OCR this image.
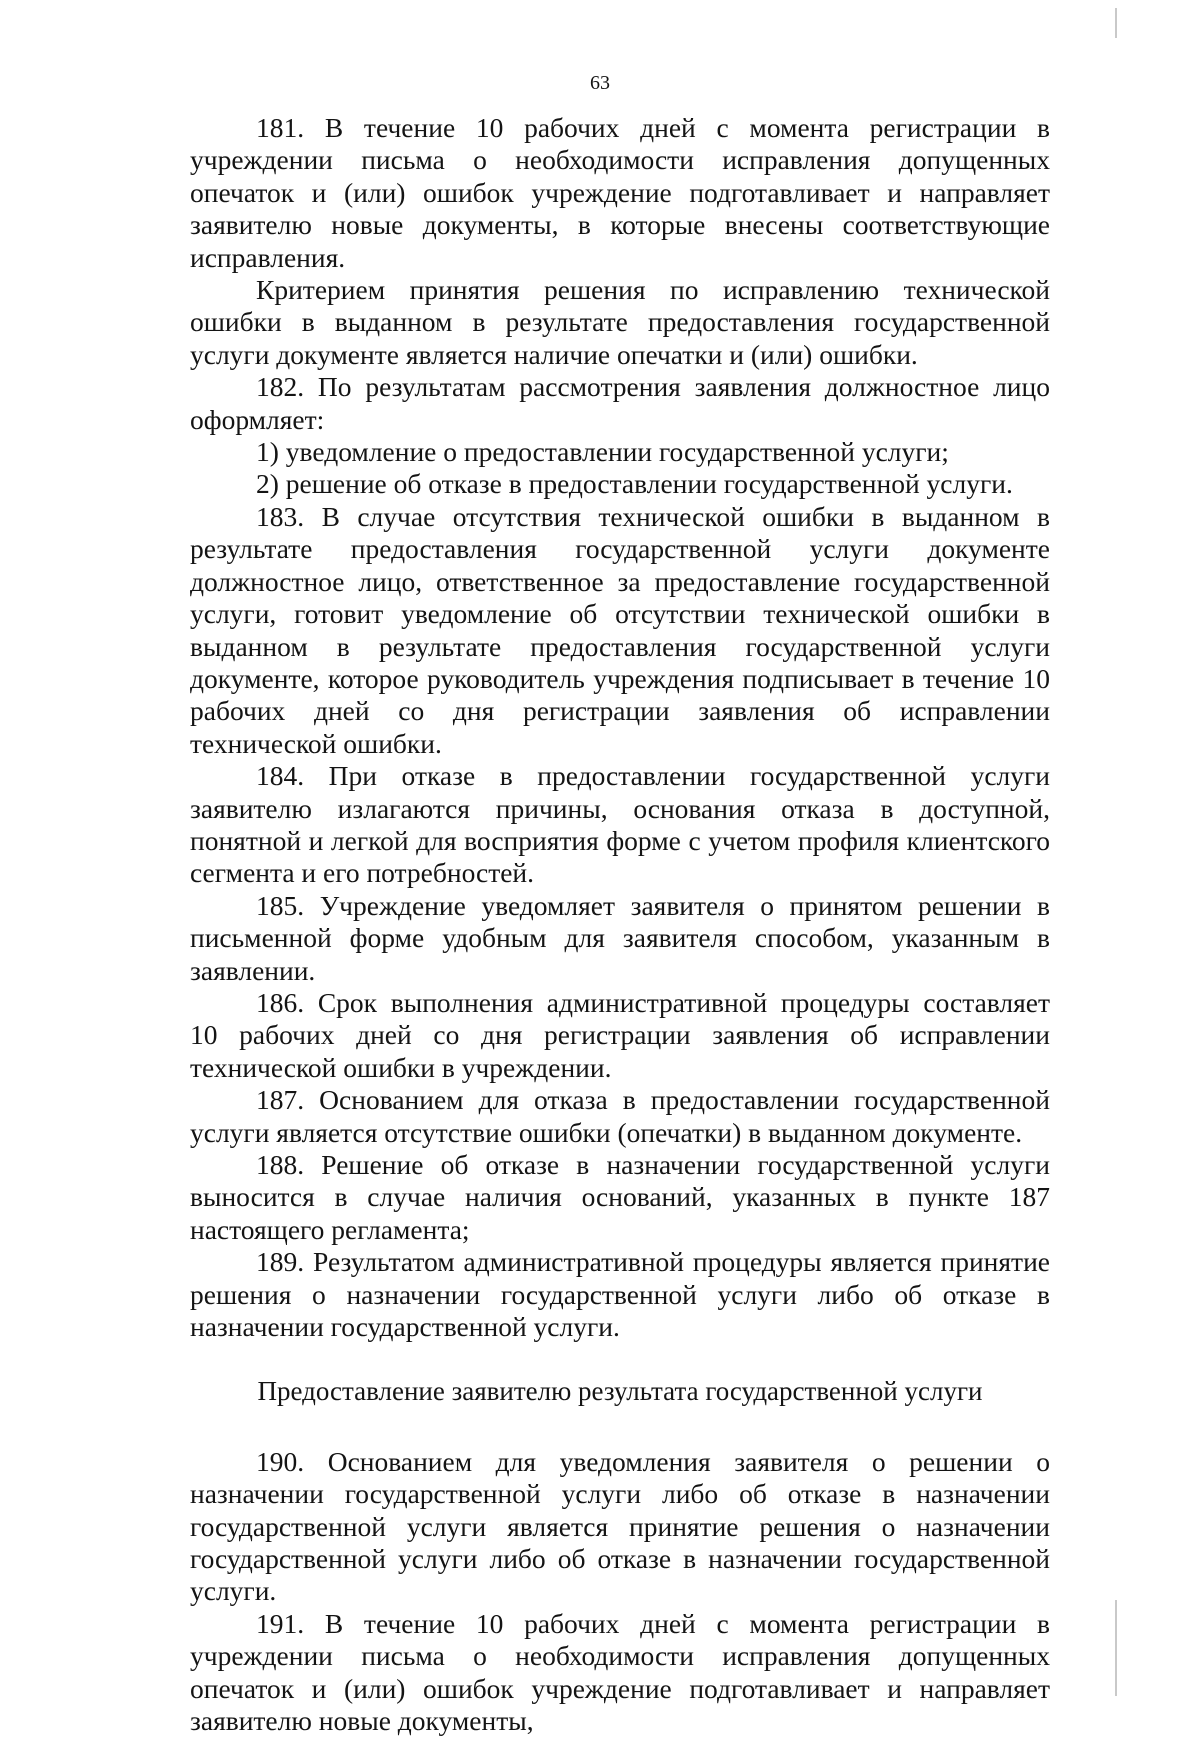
63

181. В течение 10 рабочих дней с момента регистрации в учреждении письма о необходимости исправления допущенных опечаток и (или) ошибок учреждение подготавливает и направляет заявителю новые документы, в которые внесены соответствующие исправления.

Критерием принятия решения по исправлению технической ошибки в выданном в результате предоставления государственной услуги документе является наличие опечатки и (или) ошибки.

182. По результатам рассмотрения заявления должностное лицо оформляет:

1) уведомление о предоставлении государственной услуги;

2) решение об отказе в предоставлении государственной услуги.

183. В случае отсутствия технической ошибки в выданном в результате предоставления государственной услуги документе должностное лицо, ответственное за предоставление государственной услуги, готовит уведомление об отсутствии технической ошибки в выданном в результате предоставления государственной услуги документе, которое руководитель учреждения подписывает в течение 10 рабочих дней со дня регистрации заявления об исправлении технической ошибки.

184. При отказе в предоставлении государственной услуги заявителю излагаются причины, основания отказа в доступной, понятной и легкой для восприятия форме с учетом профиля клиентского сегмента и его потребностей.

185. Учреждение уведомляет заявителя о принятом решении в письменной форме удобным для заявителя способом, указанным в заявлении.

186. Срок выполнения административной процедуры составляет 10 рабочих дней со дня регистрации заявления об исправлении технической ошибки в учреждении.

187. Основанием для отказа в предоставлении государственной услуги является отсутствие ошибки (опечатки) в выданном документе.

188. Решение об отказе в назначении государственной услуги выносится в случае наличия оснований, указанных в пункте 187 настоящего регламента;

189. Результатом административной процедуры является принятие решения о назначении государственной услуги либо об отказе в назначении государственной услуги.

Предоставление заявителю результата государственной услуги

190. Основанием для уведомления заявителя о решении о назначении государственной услуги либо об отказе в назначении государственной услуги является принятие решения о назначении государственной услуги либо об отказе в назначении государственной услуги.

191. В течение 10 рабочих дней с момента регистрации в учреждении письма о необходимости исправления допущенных опечаток и (или) ошибок учреждение подготавливает и направляет заявителю новые документы,
